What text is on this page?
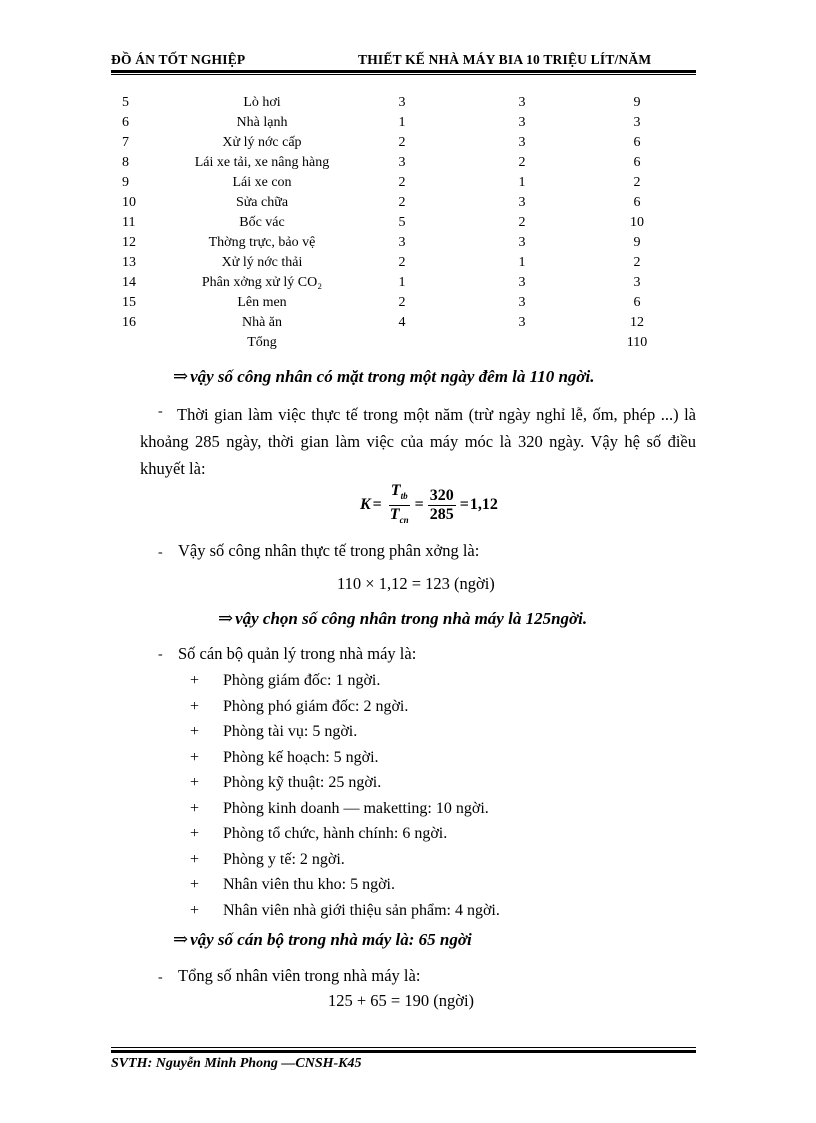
ĐỒ ÁN TỐT NGHIỆP	THIẾT KẾ NHÀ MÁY BIA 10 TRIỆU LÍT/NĂM
5	Lò hơi	3	3	9
6	Nhà lạnh	1	3	3
7	Xử lý nớc cấp	2	3	6
8	Lái xe tải, xe nâng hàng	3	2	6
9	Lái xe con	2	1	2
10	Sửa chữa	2	3	6
11	Bốc vác	5	2	10
12	Thờng trực, bảo vệ	3	3	9
13	Xử lý nớc thải	2	1	2
14	Phân xởng xử lý CO₂	1	3	3
15	Lên men	2	3	6
16	Nhà ăn	4	3	12
	Tổng			110
⇒ vậy số công nhân có mặt trong một ngày đêm là 110 ngời.
- Thời gian làm việc thực tế trong một năm (trừ ngày nghỉ lễ, ốm, phép ...) là khoảng 285 ngày, thời gian làm việc của máy móc là 320 ngày. Vậy hệ số điều khuyết là:
$K = \frac{T_{tb}}{T_{cn}} = \frac{320}{285} = 1,12$
- Vậy số công nhân thực tế trong phân xởng là:
110 × 1,12 = 123 (ngời)
⇒ vậy chọn số công nhân trong nhà máy là 125ngời.
- Số cán bộ quản lý trong nhà máy là:
+ Phòng giám đốc: 1 ngời.
+ Phòng phó giám đốc: 2 ngời.
+ Phòng tài vụ: 5 ngời.
+ Phòng kế hoạch: 5 ngời.
+ Phòng kỹ thuật: 25 ngời.
+ Phòng kinh doanh — maketting: 10 ngời.
+ Phòng tổ chức, hành chính: 6 ngời.
+ Phòng y tế: 2 ngời.
+ Nhân viên thu kho: 5 ngời.
+ Nhân viên nhà giới thiệu sản phẩm: 4 ngời.
⇒ vậy số cán bộ trong nhà máy là: 65 ngời
- Tổng số nhân viên trong nhà máy là:
125 + 65 = 190 (ngời)
SVTH: Nguyễn Minh Phong —CNSH-K45
